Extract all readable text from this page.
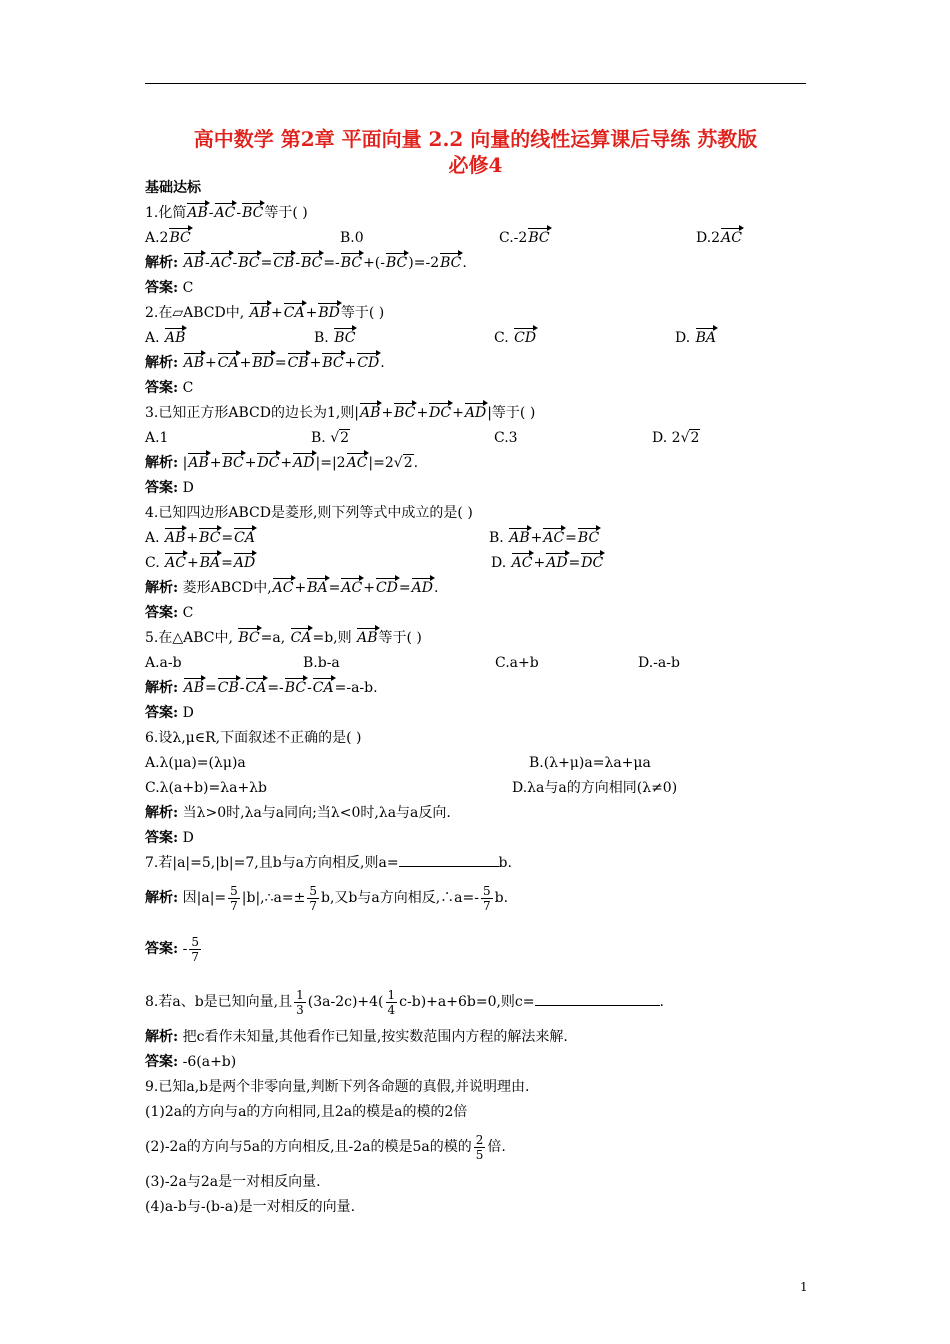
高中数学 第2章 平面向量 2.2 向量的线性运算课后导练 苏教版
必修4
基础达标
1.化简AB-AC-BC等于( )
A.2BC	B.0	C.-2BC	D.2AC
解析: AB-AC-BC=CB-BC=-BC+(-BC)=-2BC.
答案: C
2.在▱ABCD中, AB+CA+BD等于( )
A. AB	B. BC	C. CD	D. BA
解析: AB+CA+BD=CB+BC+CD.
答案: C
3.已知正方形ABCD的边长为1,则|AB+BC+DC+AD|等于( )
A.1	B. √2	C.3	D. 2√2
解析: |AB+BC+DC+AD|=|2AC|=2√2.
答案: D
4.已知四边形ABCD是菱形,则下列等式中成立的是( )
A. AB+BC=CA	B. AB+AC=BC
C. AC+BA=AD	D. AC+AD=DC
解析: 菱形ABCD中,AC+BA=AC+CD=AD.
答案: C
5.在△ABC中, BC=a, CA=b,则 AB等于( )
A.a-b	B.b-a	C.a+b	D.-a-b
解析: AB=CB-CA=-BC-CA=-a-b.
答案: D
6.设λ,μ∈R,下面叙述不正确的是( )
A.λ(μa)=(λμ)a	B.(λ+μ)a=λa+μa
C.λ(a+b)=λa+λb	D.λa与a的方向相同(λ≠0)
解析: 当λ>0时,λa与a同向;当λ<0时,λa与a反向.
答案: D
7.若|a|=5,|b|=7,且b与a方向相反,则a=	b.
解析: 因$|a|= \frac{5}{7}$ |b|,∴a=± $\frac{5}{7} b$,又b与a方向相反,∴a=- $\frac{5}{7} b$.
答案: - $\frac{5}{7}$
8.若a、b是已知向量,且 $\frac{1}{3} (3a-2c)+4( \frac{1}{4} c-b)+a+6b=0$,则c=	.
解析: 把c看作未知量,其他看作已知量,按实数范围内方程的解法来解.
答案: -6(a+b)
9.已知a,b是两个非零向量,判断下列各命题的真假,并说明理由.
(1)2a的方向与a的方向相同,且2a的模是a的模的2倍
(2)-2a的方向与5a的方向相反,且-2a的模是5a的模的 $\frac{2}{5}$ 倍.
(3)-2a与2a是一对相反向量.
(4)a-b与-(b-a)是一对相反的向量.
1
